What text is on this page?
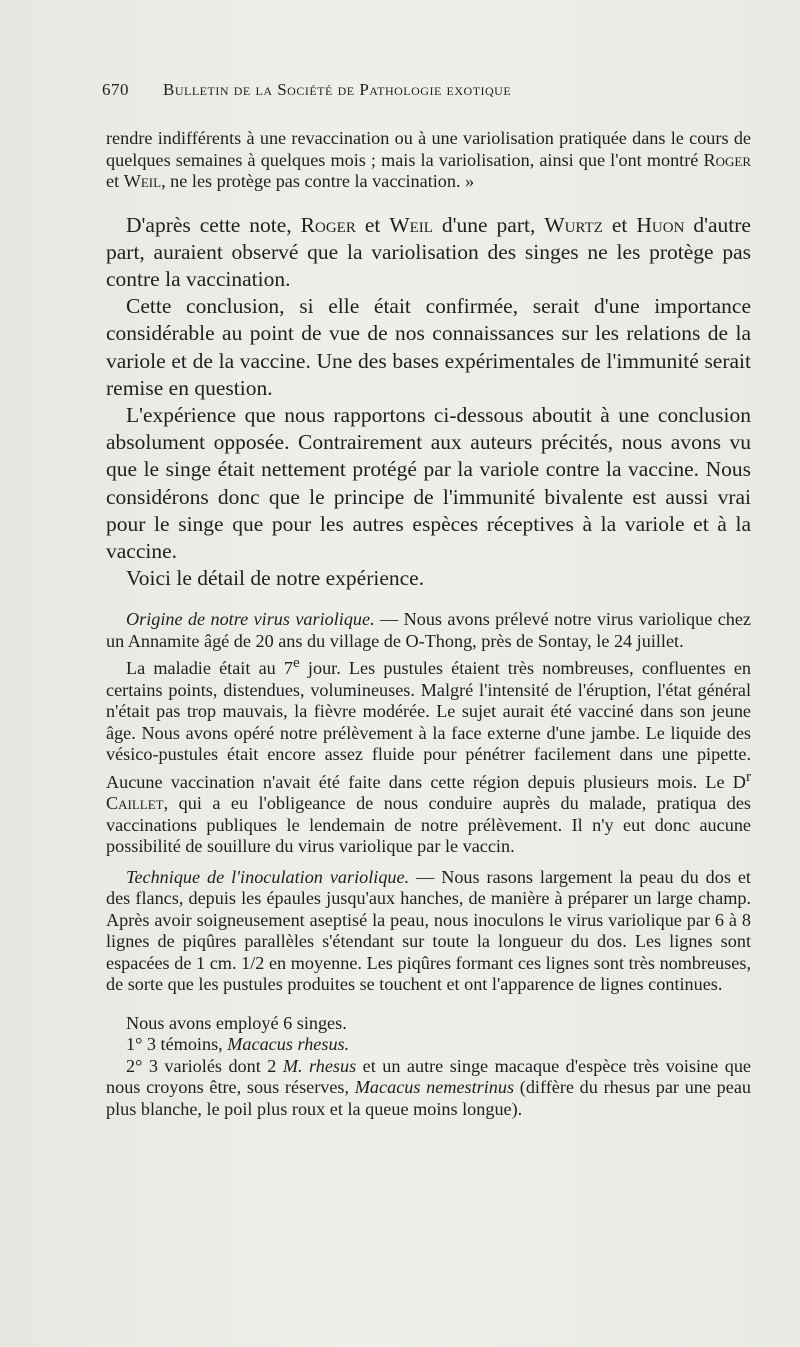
670 Bulletin de la Société de Pathologie exotique

rendre indifférents à une revaccination ou à une variolisation pratiquée dans le cours de quelques semaines à quelques mois ; mais la variolisation, ainsi que l'ont montré Roger et Weil, ne les protège pas contre la vaccination. »

D'après cette note, Roger et Weil d'une part, Wurtz et Huon d'autre part, auraient observé que la variolisation des singes ne les protège pas contre la vaccination.

Cette conclusion, si elle était confirmée, serait d'une importance considérable au point de vue de nos connaissances sur les relations de la variole et de la vaccine. Une des bases expérimentales de l'immunité serait remise en question.

L'expérience que nous rapportons ci-dessous aboutit à une conclusion absolument opposée. Contrairement aux auteurs précités, nous avons vu que le singe était nettement protégé par la variole contre la vaccine. Nous considérons donc que le principe de l'immunité bivalente est aussi vrai pour le singe que pour les autres espèces réceptives à la variole et à la vaccine.

Voici le détail de notre expérience.

Origine de notre virus variolique. — Nous avons prélevé notre virus variolique chez un Annamite âgé de 20 ans du village de O-Thong, près de Sontay, le 24 juillet.

La maladie était au 7e jour. Les pustules étaient très nombreuses, confluentes en certains points, distendues, volumineuses. Malgré l'intensité de l'éruption, l'état général n'était pas trop mauvais, la fièvre modérée. Le sujet aurait été vacciné dans son jeune âge. Nous avons opéré notre prélèvement à la face externe d'une jambe. Le liquide des vésico-pustules était encore assez fluide pour pénétrer facilement dans une pipette. Aucune vaccination n'avait été faite dans cette région depuis plusieurs mois. Le $D^r$ Caillet, qui a eu l'obligeance de nous conduire auprès du malade, pratiqua des vaccinations publiques le lendemain de notre prélèvement. Il n'y eut donc aucune possibilité de souillure du virus variolique par le vaccin.

Technique de l'inoculation variolique. — Nous rasons largement la peau du dos et des flancs, depuis les épaules jusqu'aux hanches, de manière à préparer un large champ. Après avoir soigneusement aseptisé la peau, nous inoculons le virus variolique par 6 à 8 lignes de piqûres parallèles s'étendant sur toute la longueur du dos. Les lignes sont espacées de 1 cm. 1/2 en moyenne. Les piqûres formant ces lignes sont très nombreuses, de sorte que les pustules produites se touchent et ont l'apparence de lignes continues.

Nous avons employé 6 singes.

1° 3 témoins, Macacus rhesus.

2° 3 variolés dont 2 M. rhesus et un autre singe macaque d'espèce très voisine que nous croyons être, sous réserves, Macacus nemestrinus (diffère du rhesus par une peau plus blanche, le poil plus roux et la queue moins longue).
